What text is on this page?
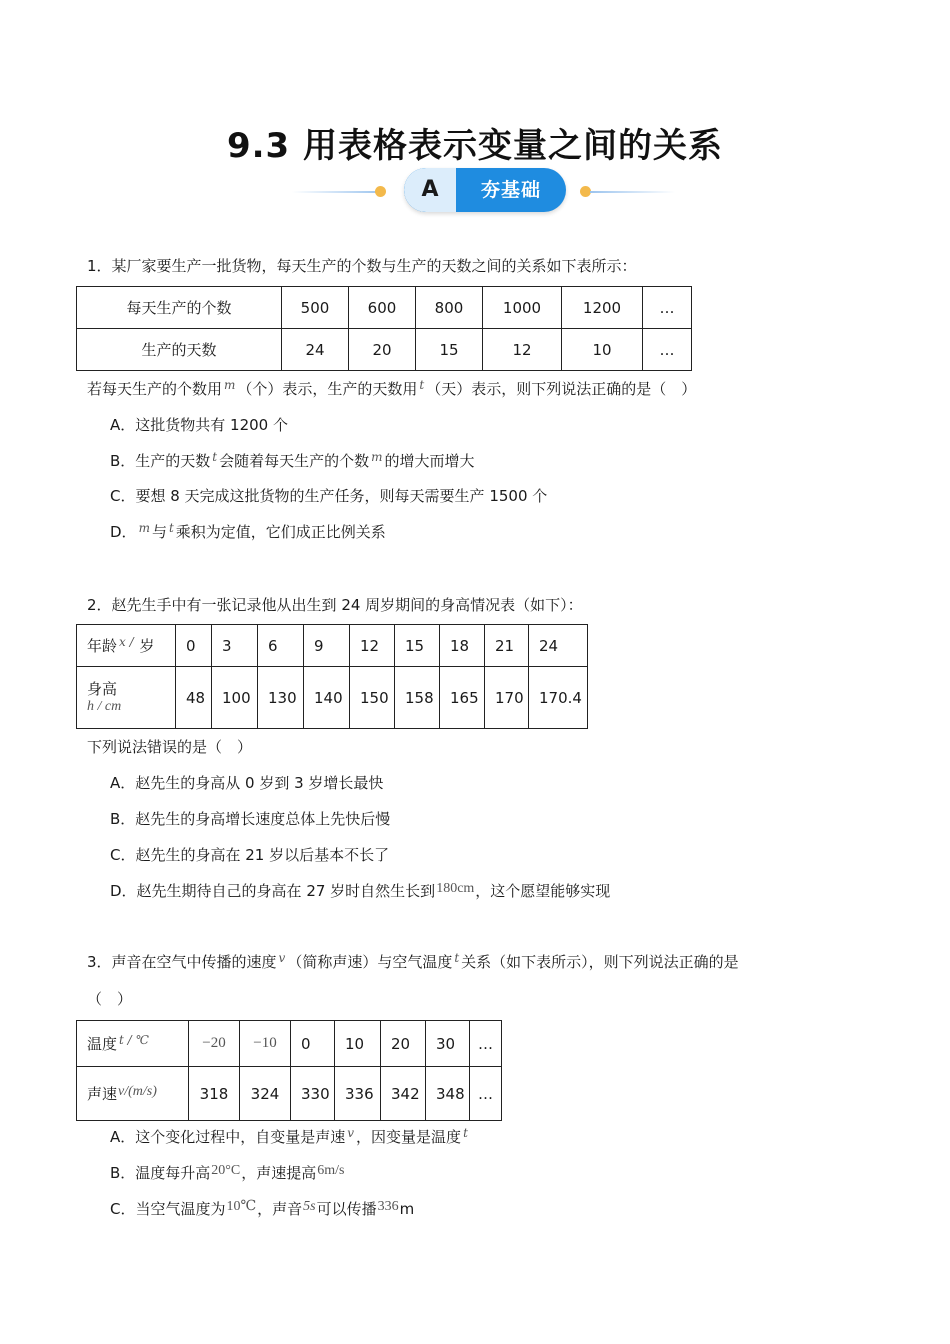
9.3 用表格表示变量之间的关系
A	夯基础
1．某厂家要生产一批货物，每天生产的个数与生产的天数之间的关系如下表所示：
每天生产的个数	500	600	800	1000	1200	…
生产的天数	24	20	15	12	10	…
若每天生产的个数用 $^m$ （个）表示，生产的天数用 $^t$ （天）表示，则下列说法正确的是（　）
A．这批货物共有 1200 个
B．生产的天数 $^t$ 会随着每天生产的个数 $^m$ 的增大而增大
C．要想 8 天完成这批货物的生产任务，则每天需要生产 1500 个
D． $^m$ 与 $^t$ 乘积为定值，它们成正比例关系
2．赵先生手中有一张记录他从出生到 24 周岁期间的身高情况表（如下）：
年龄 $^{x /}$ 岁	0	3	6	9	12	15	18	21	24

身高
h / cm	48	100	130	140	150	158	165	170	170.4
下列说法错误的是（　）
A．赵先生的身高从 0 岁到 3 岁增长最快
B．赵先生的身高增长速度总体上先快后慢
C．赵先生的身高在 21 岁以后基本不长了
D．赵先生期待自己的身高在 27 岁时自然生长到180cm，这个愿望能够实现
3．声音在空气中传播的速度 $^v$ （简称声速）与空气温度 $^t$ 关系（如下表所示），则下列说法正确的是
（　）
温度 $^{t / ℃}$	−20	−10	0	10	20	30	…
声速v/(m/s)	318	324	330	336	342	348	…
A．这个变化过程中，自变量是声速 $^v$ ，因变量是温度 $^t$
B．温度每升高20°C，声速提高6m/s
C．当空气温度为10℃，声音5s可以传播336m
